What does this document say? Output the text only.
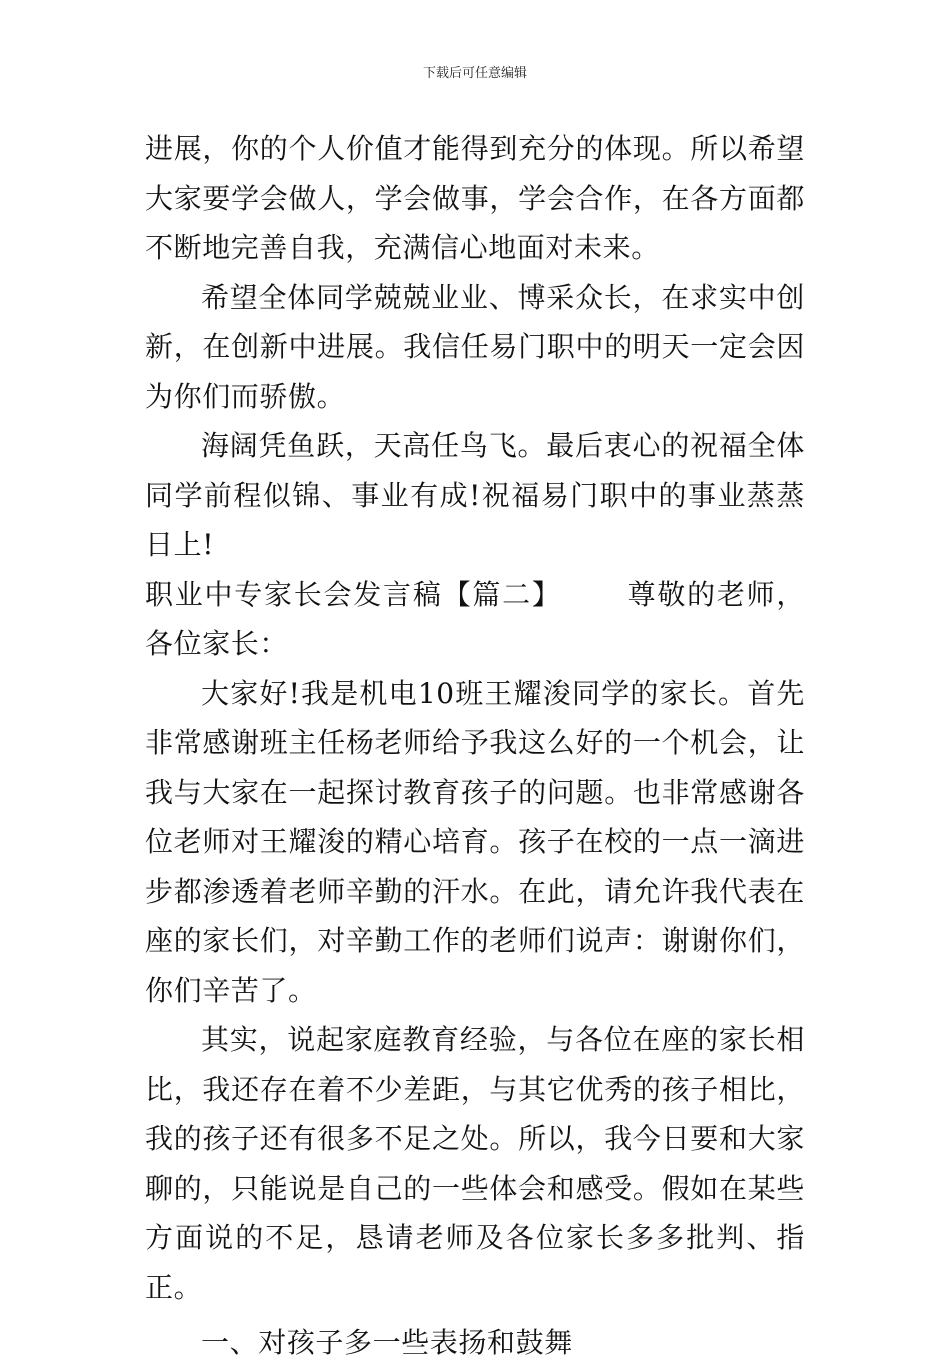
下载后可任意编辑

进展，你的个人价值才能得到充分的体现。所以希望大家要学会做人，学会做事，学会合作，在各方面都不断地完善自我，充满信心地面对未来。

希望全体同学兢兢业业、博采众长，在求实中创新，在创新中进展。我信任易门职中的明天一定会因为你们而骄傲。

海阔凭鱼跃，天高任鸟飞。最后衷心的祝福全体同学前程似锦、事业有成!祝福易门职中的事业蒸蒸日上!

职业中专家长会发言稿【篇二】 尊敬的老师，各位家长：

大家好!我是机电10班王耀浚同学的家长。首先非常感谢班主任杨老师给予我这么好的一个机会，让我与大家在一起探讨教育孩子的问题。也非常感谢各位老师对王耀浚的精心培育。孩子在校的一点一滴进步都渗透着老师辛勤的汗水。在此，请允许我代表在座的家长们，对辛勤工作的老师们说声：谢谢你们，你们辛苦了。

其实，说起家庭教育经验，与各位在座的家长相比，我还存在着不少差距，与其它优秀的孩子相比，我的孩子还有很多不足之处。所以，我今日要和大家聊的，只能说是自己的一些体会和感受。假如在某些方面说的不足，恳请老师及各位家长多多批判、指正。

一、对孩子多一些表扬和鼓舞
